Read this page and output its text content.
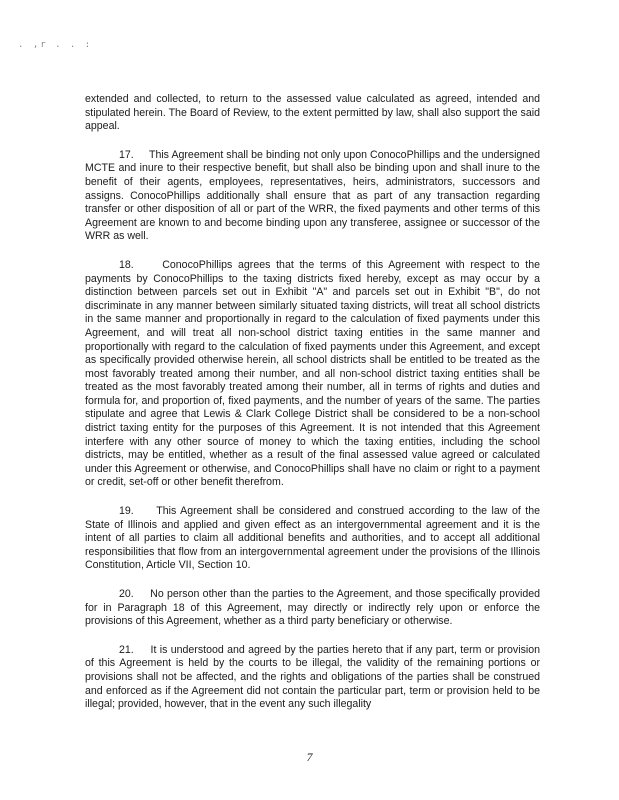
. ,r . . :

extended and collected, to return to the assessed value calculated as agreed, intended and stipulated herein. The Board of Review, to the extent permitted by law, shall also support the said appeal.

17. This Agreement shall be binding not only upon ConocoPhillips and the undersigned MCTE and inure to their respective benefit, but shall also be binding upon and shall inure to the benefit of their agents, employees, representatives, heirs, administrators, successors and assigns. ConocoPhillips additionally shall ensure that as part of any transaction regarding transfer or other disposition of all or part of the WRR, the fixed payments and other terms of this Agreement are known to and become binding upon any transferee, assignee or successor of the WRR as well.

18.	ConocoPhillips agrees that the terms of this Agreement with respect to the payments by ConocoPhillips to the taxing districts fixed hereby, except as may occur by a distinction between parcels set out in Exhibit "A" and parcels set out in Exhibit "B", do not discriminate in any manner between similarly situated taxing districts, will treat all school districts in the same manner and proportionally in regard to the calculation of fixed payments under this Agreement, and will treat all non-school district taxing entities in the same manner and proportionally with regard to the calculation of fixed payments under this Agreement, and except as specifically provided otherwise herein, all school districts shall be entitled to be treated as the most favorably treated among their number, and all non-school district taxing entities shall be treated as the most favorably treated among their number, all in terms of rights and duties and formula for, and proportion of, fixed payments, and the number of years of the same. The parties stipulate and agree that Lewis & Clark College District shall be considered to be a non-school district taxing entity for the purposes of this Agreement. It is not intended that this Agreement interfere with any other source of money to which the taxing entities, including the school districts, may be entitled, whether as a result of the final assessed value agreed or calculated under this Agreement or otherwise, and ConocoPhillips shall have no claim or right to a payment or credit, set-off or other benefit therefrom.

19. This Agreement shall be considered and construed according to the law of the State of Illinois and applied and given effect as an intergovernmental agreement and it is the intent of all parties to claim all additional benefits and authorities, and to accept all additional responsibilities that flow from an intergovernmental agreement under the provisions of the Illinois Constitution, Article VII, Section 10.

20. No person other than the parties to the Agreement, and those specifically provided for in Paragraph 18 of this Agreement, may directly or indirectly rely upon or enforce the provisions of this Agreement, whether as a third party beneficiary or otherwise.

21. It is understood and agreed by the parties hereto that if any part, term or provision of this Agreement is held by the courts to be illegal, the validity of the remaining portions or provisions shall not be affected, and the rights and obligations of the parties shall be construed and enforced as if the Agreement did not contain the particular part, term or provision held to be illegal; provided, however, that in the event any such illegality

7
